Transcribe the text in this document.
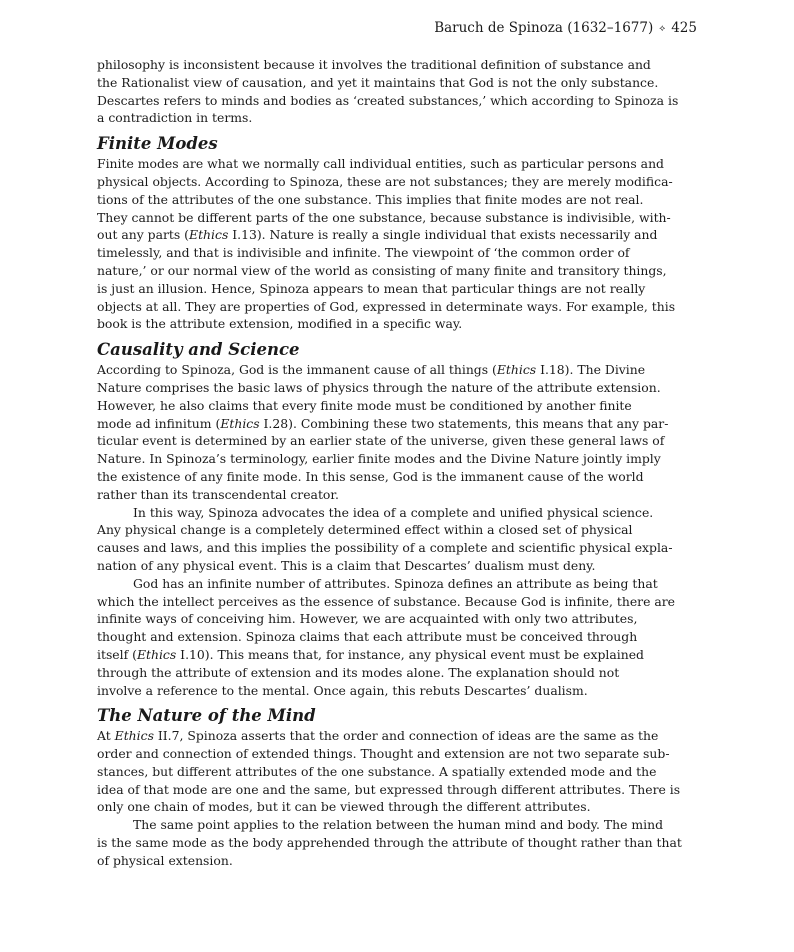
Baruch de Spinoza (1632–1677) ⟡ 425

philosophy is inconsistent because it involves the traditional definition of substance and
the Rationalist view of causation, and yet it maintains that God is not the only substance.
Descartes refers to minds and bodies as ‘created substances,’ which according to Spinoza is
a contradiction in terms.

Finite Modes

Finite modes are what we normally call individual entities, such as particular persons and
physical objects. According to Spinoza, these are not substances; they are merely modifica-
tions of the attributes of the one substance. This implies that finite modes are not real.
They cannot be different parts of the one substance, because substance is indivisible, with-
out any parts (Ethics I.13). Nature is really a single individual that exists necessarily and
timelessly, and that is indivisible and infinite. The viewpoint of ‘the common order of
nature,’ or our normal view of the world as consisting of many finite and transitory things,
is just an illusion. Hence, Spinoza appears to mean that particular things are not really
objects at all. They are properties of God, expressed in determinate ways. For example, this
book is the attribute extension, modified in a specific way.

Causality and Science

According to Spinoza, God is the immanent cause of all things (Ethics I.18). The Divine
Nature comprises the basic laws of physics through the nature of the attribute extension.
However, he also claims that every finite mode must be conditioned by another finite
mode ad infinitum (Ethics I.28). Combining these two statements, this means that any par-
ticular event is determined by an earlier state of the universe, given these general laws of
Nature. In Spinoza’s terminology, earlier finite modes and the Divine Nature jointly imply
the existence of any finite mode. In this sense, God is the immanent cause of the world
rather than its transcendental creator.

In this way, Spinoza advocates the idea of a complete and unified physical science.
Any physical change is a completely determined effect within a closed set of physical
causes and laws, and this implies the possibility of a complete and scientific physical expla-
nation of any physical event. This is a claim that Descartes’ dualism must deny.

God has an infinite number of attributes. Spinoza defines an attribute as being that
which the intellect perceives as the essence of substance. Because God is infinite, there are
infinite ways of conceiving him. However, we are acquainted with only two attributes,
thought and extension. Spinoza claims that each attribute must be conceived through
itself (Ethics I.10). This means that, for instance, any physical event must be explained
through the attribute of extension and its modes alone. The explanation should not
involve a reference to the mental. Once again, this rebuts Descartes’ dualism.

The Nature of the Mind

At Ethics II.7, Spinoza asserts that the order and connection of ideas are the same as the
order and connection of extended things. Thought and extension are not two separate sub-
stances, but different attributes of the one substance. A spatially extended mode and the
idea of that mode are one and the same, but expressed through different attributes. There is
only one chain of modes, but it can be viewed through the different attributes.

The same point applies to the relation between the human mind and body. The mind
is the same mode as the body apprehended through the attribute of thought rather than that
of physical extension.
